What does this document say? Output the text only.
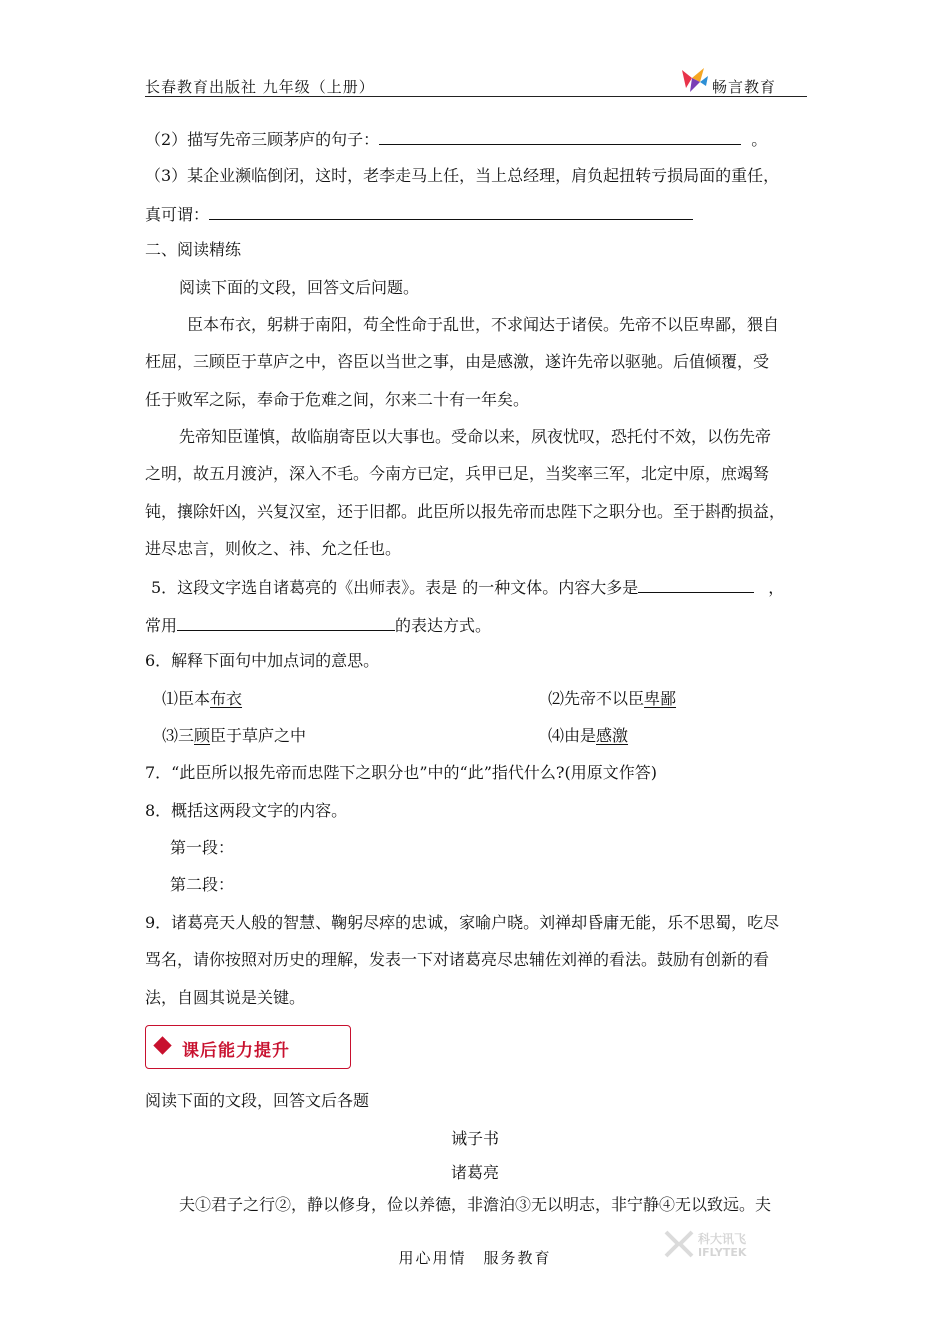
长春教育出版社 九年级（上册）	畅言教育
（2）描写先帝三顾茅庐的句子：	。
（3）某企业濒临倒闭，这时，老李走马上任，当上总经理，肩负起扭转亏损局面的重任，
真可谓：
二、阅读精练
阅读下面的文段，回答文后问题。
臣本布衣，躬耕于南阳，苟全性命于乱世，不求闻达于诸侯。先帝不以臣卑鄙，猥自
枉屈，三顾臣于草庐之中，咨臣以当世之事，由是感激，遂许先帝以驱驰。后值倾覆，受
任于败军之际，奉命于危难之间，尔来二十有一年矣。
先帝知臣谨慎，故临崩寄臣以大事也。受命以来，夙夜忧叹，恐托付不效，以伤先帝
之明，故五月渡泸，深入不毛。今南方已定，兵甲已足，当奖率三军，北定中原，庶竭驽
钝，攘除奸凶，兴复汉室，还于旧都。此臣所以报先帝而忠陛下之职分也。至于斟酌损益，
进尽忠言，则攸之、祎、允之任也。
5．这段文字选自诸葛亮的《出师表》。表是 的一种文体。内容大多是	，
常用	的表达方式。
6．解释下面句中加点词的意思。
⑴臣本布衣	⑵先帝不以臣卑鄙
⑶三顾臣于草庐之中	⑷由是感激
7．“此臣所以报先帝而忠陛下之职分也”中的“此”指代什么?(用原文作答)
8．概括这两段文字的内容。
第一段：
第二段：
9．诸葛亮天人般的智慧、鞠躬尽瘁的忠诚，家喻户晓。刘禅却昏庸无能，乐不思蜀，吃尽
骂名，请你按照对历史的理解，发表一下对诸葛亮尽忠辅佐刘禅的看法。鼓励有创新的看
法，自圆其说是关键。
课后能力提升
阅读下面的文段，回答文后各题
诫子书
诸葛亮
夫①君子之行②，静以修身，俭以养德，非澹泊③无以明志，非宁静④无以致远。夫
用心用情　服务教育
科大讯飞
IFLYTEK
